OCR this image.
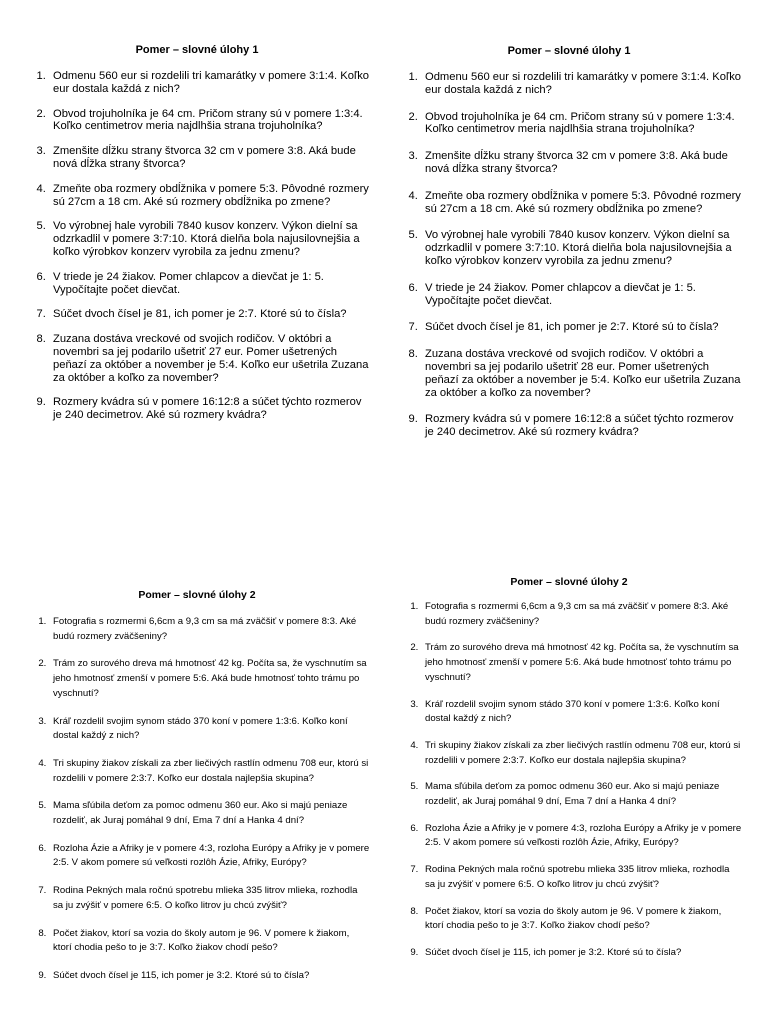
Pomer – slovné úlohy 1
1. Odmenu 560 eur si rozdelili tri kamarátky v pomere 3:1:4. Koľko eur dostala každá z nich?
2. Obvod trojuholníka je 64 cm. Pričom strany sú v pomere 1:3:4. Koľko centimetrov meria najdlhšia strana trojuholníka?
3. Zmenšite dĺžku strany štvorca 32 cm v pomere 3:8. Aká bude nová dĺžka strany štvorca?
4. Zmeňte oba rozmery obdĺžnika v pomere 5:3. Pôvodné rozmery sú 27cm a 18 cm. Aké sú rozmery obdĺžnika po zmene?
5. Vo výrobnej hale vyrobili 7840 kusov konzerv. Výkon dielní sa odzrkadlil v pomere 3:7:10. Ktorá dielňa bola najusilovnejšia a koľko výrobkov konzerv vyrobila za jednu zmenu?
6. V triede je 24 žiakov. Pomer chlapcov a dievčat je 1: 5. Vypočítajte počet dievčat.
7. Súčet dvoch čísel je 81, ich pomer je 2:7. Ktoré sú to čísla?
8. Zuzana dostáva vreckové od svojich rodičov. V októbri a novembri sa jej podarilo ušetriť 27 eur. Pomer ušetrených peňazí za október a november je 5:4. Koľko eur ušetrila Zuzana za október a koľko za november?
9. Rozmery kvádra sú v pomere 16:12:8 a súčet týchto rozmerov je 240 decimetrov. Aké sú rozmery kvádra?
Pomer – slovné úlohy 1
1. Odmenu 560 eur si rozdelili tri kamarátky v pomere 3:1:4. Koľko eur dostala každá z nich?
2. Obvod trojuholníka je 64 cm. Pričom strany sú v pomere 1:3:4. Koľko centimetrov meria najdlhšia strana trojuholníka?
3. Zmenšite dĺžku strany štvorca 32 cm v pomere 3:8. Aká bude nová dĺžka strany štvorca?
4. Zmeňte oba rozmery obdĺžnika v pomere 5:3. Pôvodné rozmery sú 27cm a 18 cm. Aké sú rozmery obdĺžnika po zmene?
5. Vo výrobnej hale vyrobili 7840 kusov konzerv. Výkon dielní sa odzrkadlil v pomere 3:7:10. Ktorá dielňa bola najusilovnejšia a koľko výrobkov konzerv vyrobila za jednu zmenu?
6. V triede je 24 žiakov. Pomer chlapcov a dievčat je 1: 5. Vypočítajte počet dievčat.
7. Súčet dvoch čísel je 81, ich pomer je 2:7. Ktoré sú to čísla?
8. Zuzana dostáva vreckové od svojich rodičov. V októbri a novembri sa jej podarilo ušetriť 28 eur. Pomer ušetrených peňazí za október a november je 5:4. Koľko eur ušetrila Zuzana za október a koľko za november?
9. Rozmery kvádra sú v pomere 16:12:8 a súčet týchto rozmerov je 240 decimetrov. Aké sú rozmery kvádra?
Pomer – slovné úlohy 2
1. Fotografia s rozmermi 6,6cm a 9,3 cm sa má zväčšiť v pomere 8:3. Aké budú rozmery zväčšeniny?
2. Trám zo surového dreva má hmotnosť 42 kg. Počíta sa, že vyschnutím sa jeho hmotnosť zmenší v pomere 5:6. Aká bude hmotnosť tohto trámu po vyschnutí?
3. Kráľ rozdelil svojim synom stádo 370 koní v pomere 1:3:6. Koľko koní dostal každý z nich?
4. Tri skupiny žiakov získali za zber liečivých rastlín odmenu 708 eur, ktorú si rozdelili v pomere 2:3:7. Koľko eur dostala najlepšia skupina?
5. Mama sľúbila deťom za pomoc odmenu 360 eur. Ako si majú peniaze rozdeliť, ak Juraj pomáhal 9 dní, Ema 7 dní a Hanka 4 dní?
6. Rozloha Ázie a Afriky je v pomere 4:3, rozloha Európy a Afriky je v pomere 2:5. V akom pomere sú veľkosti rozlôh Ázie, Afriky, Európy?
7. Rodina Pekných mala ročnú spotrebu mlieka 335 litrov mlieka, rozhodla sa ju zvýšiť v pomere 6:5. O koľko litrov ju chcú zvýšiť?
8. Počet žiakov, ktorí sa vozia do školy autom je 96. V pomere k žiakom, ktorí chodia pešo to je 3:7. Koľko žiakov chodí pešo?
9. Súčet dvoch čísel je 115, ich pomer je 3:2. Ktoré sú to čísla?
Pomer – slovné úlohy 2
1. Fotografia s rozmermi 6,6cm a 9,3 cm sa má zväčšiť v pomere 8:3. Aké budú rozmery zväčšeniny?
2. Trám zo surového dreva má hmotnosť 42 kg. Počíta sa, že vyschnutím sa jeho hmotnosť zmenší v pomere 5:6. Aká bude hmotnosť tohto trámu po vyschnutí?
3. Kráľ rozdelil svojim synom stádo 370 koní v pomere 1:3:6. Koľko koní dostal každý z nich?
4. Tri skupiny žiakov získali za zber liečivých rastlín odmenu 708 eur, ktorú si rozdelili v pomere 2:3:7. Koľko eur dostala najlepšia skupina?
5. Mama sľúbila deťom za pomoc odmenu 360 eur. Ako si majú peniaze rozdeliť, ak Juraj pomáhal 9 dní, Ema 7 dní a Hanka 4 dní?
6. Rozloha Ázie a Afriky je v pomere 4:3, rozloha Európy a Afriky je v pomere 2:5. V akom pomere sú veľkosti rozlôh Ázie, Afriky, Európy?
7. Rodina Pekných mala ročnú spotrebu mlieka 335 litrov mlieka, rozhodla sa ju zvýšiť v pomere 6:5. O koľko litrov ju chcú zvýšiť?
8. Počet žiakov, ktorí sa vozia do školy autom je 96. V pomere k žiakom, ktorí chodia pešo to je 3:7. Koľko žiakov chodí pešo?
9. Súčet dvoch čísel je 115, ich pomer je 3:2. Ktoré sú to čísla?
